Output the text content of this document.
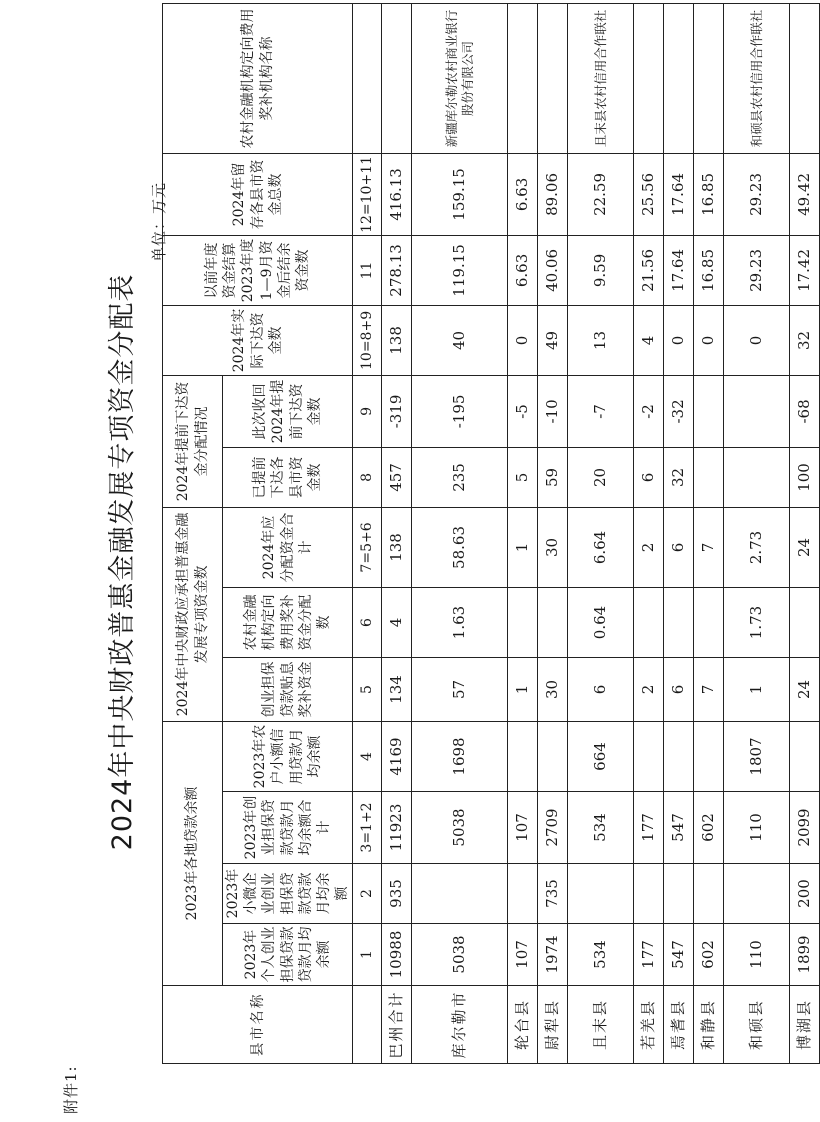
附件1:
2024年中央财政普惠金融发展专项资金分配表
单位：万元
县市名称	2023年各地贷款余额				2024年中央财政应承担普惠金融发展专项资金数			2024年提前下达资金分配情况		2024年实际下达资金数	以前年度资金结算2023年度1—9月资金后结余资金数	2024年留存各县市资金总数	农村金融机构定向费用奖补机构名称
	2023年个人创业担保贷款贷款月均余额	2023年小微企业创业担保贷款贷款月均余额	2023年创业担保贷款贷款月均余额合计	2023年农户小额信用贷款月均余额	创业担保贷款贴息奖补资金	农村金融机构定向费用奖补资金分配数	2024年应分配资金合计	已提前下达各县市资金数	此次收回2024年提前下达资金数				
	1	2	3=1+2	4	5	6	7=5+6	8	9	10=8+9	11	12=10+11	
巴州合计	10988	935	11923	4169	134	4	138	457	-319	138	278.13	416.13	
库尔勒市	5038		5038	1698	57	1.63	58.63	235	-195	40	119.15	159.15	新疆库尔勒农村商业银行股份有限公司
轮台县	107		107		1		1	5	-5	0	6.63	6.63	
尉犁县	1974	735	2709		30		30	59	-10	49	40.06	89.06	
且末县	534		534	664	6	0.64	6.64	20	-7	13	9.59	22.59	且末县农村信用合作联社
若羌县	177		177		2		2	6	-2	4	21.56	25.56	
焉耆县	547		547		6		6	32	-32	0	17.64	17.64	
和静县	602		602		7		7			0	16.85	16.85	
和硕县	110		110	1807	1	1.73	2.73			0	29.23	29.23	和硕县农村信用合作联社
博湖县	1899	200	2099		24		24	100	-68	32	17.42	49.42	
